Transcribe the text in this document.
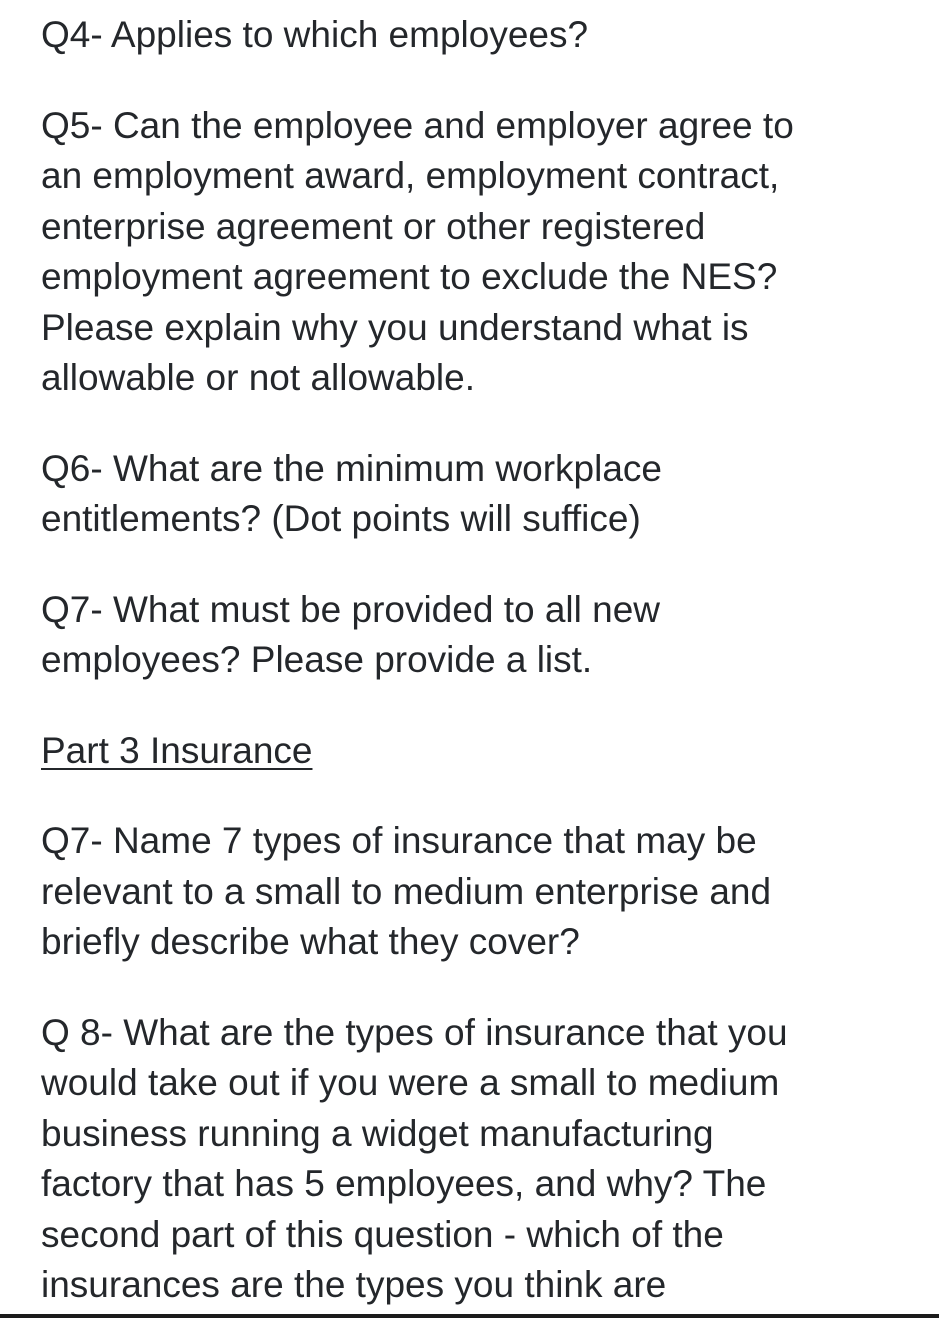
Q4- Applies to which employees?

Q5- Can the employee and employer agree to
an employment award, employment contract,
enterprise agreement or other registered
employment agreement to exclude the NES?
Please explain why you understand what is
allowable or not allowable.

Q6- What are the minimum workplace
entitlements? (Dot points will suffice)

Q7- What must be provided to all new
employees? Please provide a list.

Part 3 Insurance

Q7- Name 7 types of insurance that may be
relevant to a small to medium enterprise and
briefly describe what they cover?

Q 8- What are the types of insurance that you
would take out if you were a small to medium
business running a widget manufacturing
factory that has 5 employees, and why? The
second part of this question - which of the
insurances are the types you think are
